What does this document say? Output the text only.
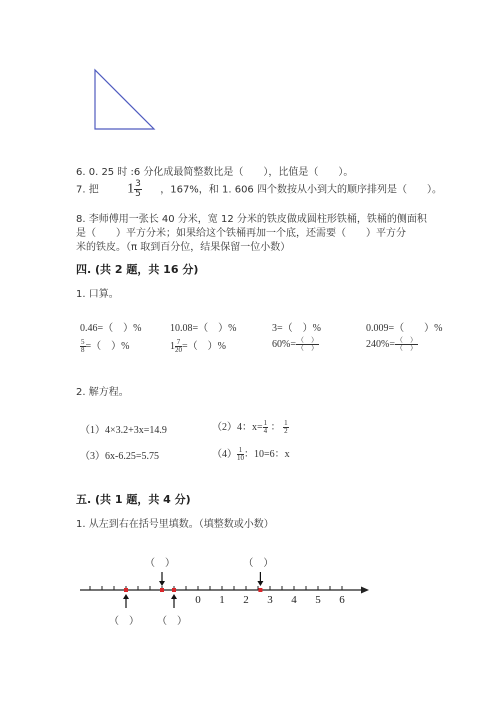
6. 0. 25 时 :6 分化成最简整数比是（　　），比值是（　　）。
7. 把 $1 \frac{3}{5}$ ，167%，和 1. 606 四个数按从小到大的顺序排列是（　　）。
8. 李师傅用一张长 40 分米，宽 12 分米的铁皮做成圆柱形铁桶，铁桶的侧面积
是（　　）平方分米；如果给这个铁桶再加一个底，还需要（　　）平方分
米的铁皮。（π 取到百分位，结果保留一位小数）
四. (共 2 题，共 16 分)
1. 口算。
0.46=（　）%	10.08=（　）%	3=（　）%	0.009=（　　）%
$\frac{5}{8}$ =（　）%	$1 \frac{7}{20}$ =（　）%	$60\%= \frac{( )}{( )}$	$240\%= \frac{( )}{( )}$
2. 解方程。
（1）4×3.2+3x=14.9	（2）4：$x= \frac{1}{4}$ ： $\frac{1}{2}$
（3）6x-6.25=5.75	$(4) \frac{1}{10}$ ：10=6：x
五. (共 1 题，共 4 分)
1. 从左到右在括号里填数。（填整数或小数）
0 1 2 3 4 5 6
（　）
（　）
（　）
（　）
